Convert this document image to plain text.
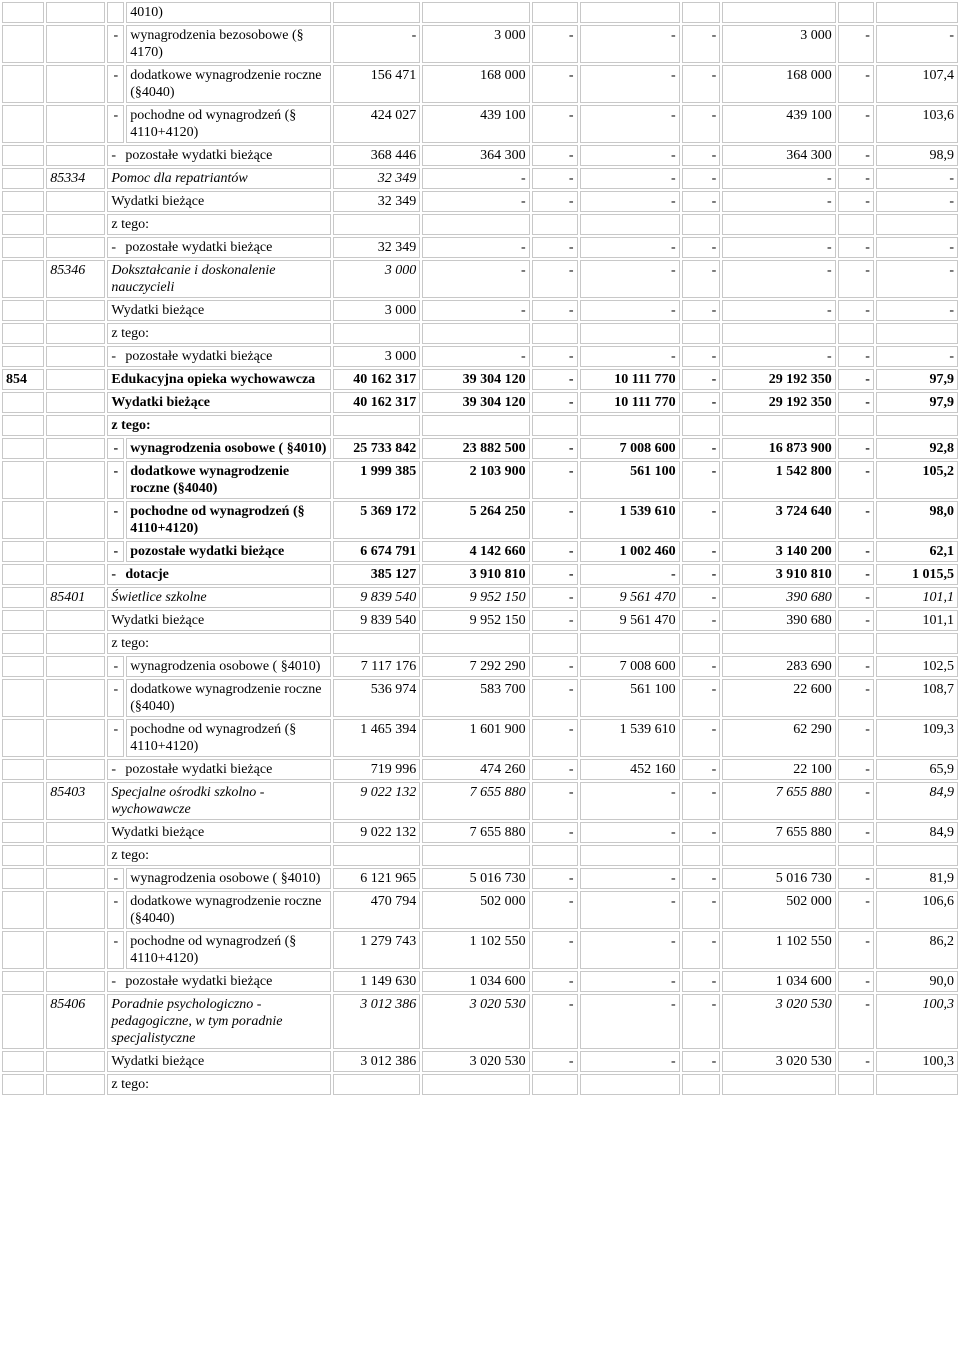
			4010)								
		-	wynagrodzenia bezosobowe (§ 4170)	-	3 000	-	-	-	3 000	-	-
		-	dodatkowe wynagrodzenie roczne (§4040)	156 471	168 000	-	-	-	168 000	-	107,4
		-	pochodne od wynagrodzeń (§ 4110+4120)	424 027	439 100	-	-	-	439 100	-	103,6
		- pozostałe wydatki bieżące		368 446	364 300	-	-	-	364 300	-	98,9
	85334	Pomoc dla repatriantów		32 349	-	-	-	-	-	-	-
		Wydatki bieżące		32 349	-	-	-	-	-	-	-
		z tego:									
		- pozostałe wydatki bieżące		32 349	-	-	-	-	-	-	-
	85346	Dokształcanie i doskonalenie nauczycieli		3 000	-	-	-	-	-	-	-
		Wydatki bieżące		3 000	-	-	-	-	-	-	-
		z tego:									
		- pozostałe wydatki bieżące		3 000	-	-	-	-	-	-	-
854		Edukacyjna opieka wychowawcza		40 162 317	39 304 120	-	10 111 770	-	29 192 350	-	97,9
		Wydatki bieżące		40 162 317	39 304 120	-	10 111 770	-	29 192 350	-	97,9
		z tego:									
		-	wynagrodzenia osobowe ( §4010)	25 733 842	23 882 500	-	7 008 600	-	16 873 900	-	92,8
		-	dodatkowe wynagrodzenie roczne (§4040)	1 999 385	2 103 900	-	561 100	-	1 542 800	-	105,2
		-	pochodne od wynagrodzeń (§ 4110+4120)	5 369 172	5 264 250	-	1 539 610	-	3 724 640	-	98,0
		-	pozostałe wydatki bieżące	6 674 791	4 142 660	-	1 002 460	-	3 140 200	-	62,1
		- dotacje		385 127	3 910 810	-	-	-	3 910 810	-	1 015,5
	85401	Świetlice szkolne		9 839 540	9 952 150	-	9 561 470	-	390 680	-	101,1
		Wydatki bieżące		9 839 540	9 952 150	-	9 561 470	-	390 680	-	101,1
		z tego:									
		-	wynagrodzenia osobowe ( §4010)	7 117 176	7 292 290	-	7 008 600	-	283 690	-	102,5
		-	dodatkowe wynagrodzenie roczne (§4040)	536 974	583 700	-	561 100	-	22 600	-	108,7
		-	pochodne od wynagrodzeń (§ 4110+4120)	1 465 394	1 601 900	-	1 539 610	-	62 290	-	109,3
		- pozostałe wydatki bieżące		719 996	474 260	-	452 160	-	22 100	-	65,9
	85403	Specjalne ośrodki szkolno - wychowawcze		9 022 132	7 655 880	-	-	-	7 655 880	-	84,9
		Wydatki bieżące		9 022 132	7 655 880	-	-	-	7 655 880	-	84,9
		z tego:									
		-	wynagrodzenia osobowe ( §4010)	6 121 965	5 016 730	-	-	-	5 016 730	-	81,9
		-	dodatkowe wynagrodzenie roczne (§4040)	470 794	502 000	-	-	-	502 000	-	106,6
		-	pochodne od wynagrodzeń (§ 4110+4120)	1 279 743	1 102 550	-	-	-	1 102 550	-	86,2
		- pozostałe wydatki bieżące		1 149 630	1 034 600	-	-	-	1 034 600	-	90,0
	85406	Poradnie psychologiczno - pedagogiczne, w tym poradnie specjalistyczne		3 012 386	3 020 530	-	-	-	3 020 530	-	100,3
		Wydatki bieżące		3 012 386	3 020 530	-	-	-	3 020 530	-	100,3
		z tego:									
